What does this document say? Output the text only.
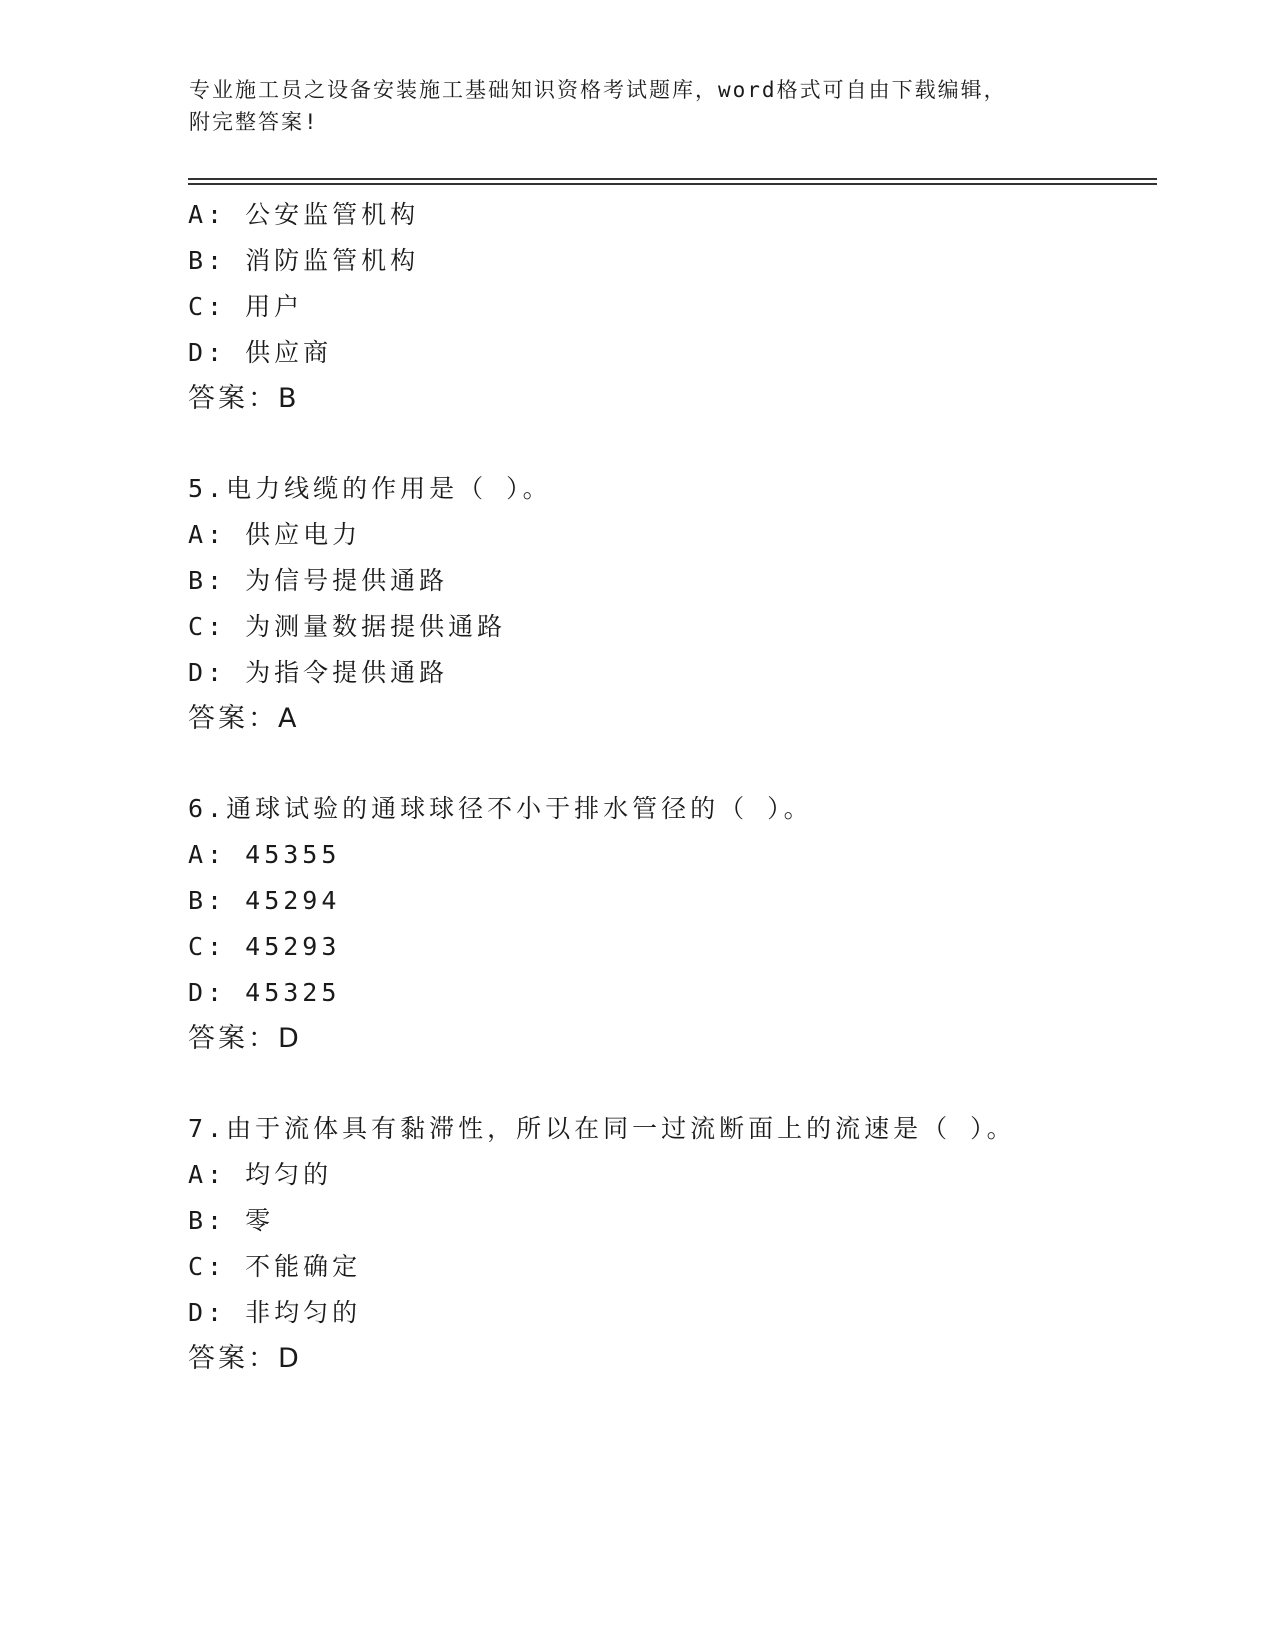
专业施工员之设备安装施工基础知识资格考试题库，word格式可自由下载编辑，
附完整答案!
A: 公安监管机构
B: 消防监管机构
C: 用户
D: 供应商
答案：B
5.电力线缆的作用是（ ）。
A: 供应电力
B: 为信号提供通路
C: 为测量数据提供通路
D: 为指令提供通路
答案：A
6.通球试验的通球球径不小于排水管径的（ ）。
A: 45355
B: 45294
C: 45293
D: 45325
答案：D
7.由于流体具有黏滞性，所以在同一过流断面上的流速是（ ）。
A: 均匀的
B: 零
C: 不能确定
D: 非均匀的
答案：D
